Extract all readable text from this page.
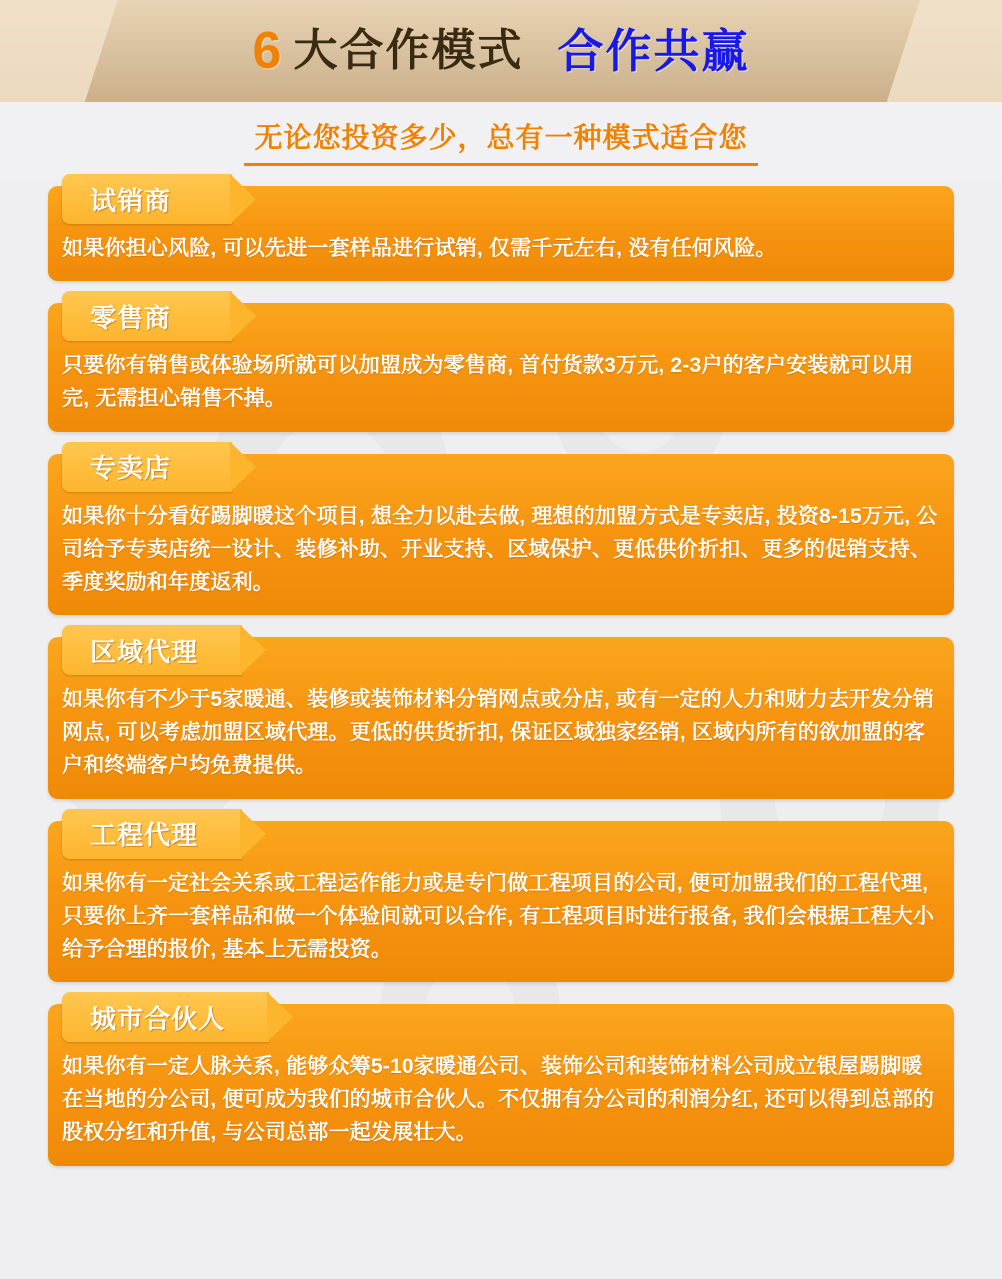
6 大合作模式 合作共赢
无论您投资多少，总有一种模式适合您
试销商
如果你担心风险, 可以先进一套样品进行试销, 仅需千元左右, 没有任何风险。
零售商
只要你有销售或体验场所就可以加盟成为零售商, 首付货款3万元, 2-3户的客户安装就可以用完, 无需担心销售不掉。
专卖店
如果你十分看好踢脚暖这个项目, 想全力以赴去做, 理想的加盟方式是专卖店, 投资8-15万元, 公司给予专卖店统一设计、装修补助、开业支持、区域保护、更低供价折扣、更多的促销支持、季度奖励和年度返利。
区域代理
如果你有不少于5家暖通、装修或装饰材料分销网点或分店, 或有一定的人力和财力去开发分销网点, 可以考虑加盟区域代理。更低的供货折扣, 保证区域独家经销, 区域内所有的欲加盟的客户和终端客户均免费提供。
工程代理
如果你有一定社会关系或工程运作能力或是专门做工程项目的公司, 便可加盟我们的工程代理, 只要你上齐一套样品和做一个体验间就可以合作, 有工程项目时进行报备, 我们会根据工程大小给予合理的报价, 基本上无需投资。
城市合伙人
如果你有一定人脉关系, 能够众筹5-10家暖通公司、装饰公司和装饰材料公司成立银屋踢脚暖在当地的分公司, 便可成为我们的城市合伙人。不仅拥有分公司的利润分红, 还可以得到总部的股权分红和升值, 与公司总部一起发展壮大。
